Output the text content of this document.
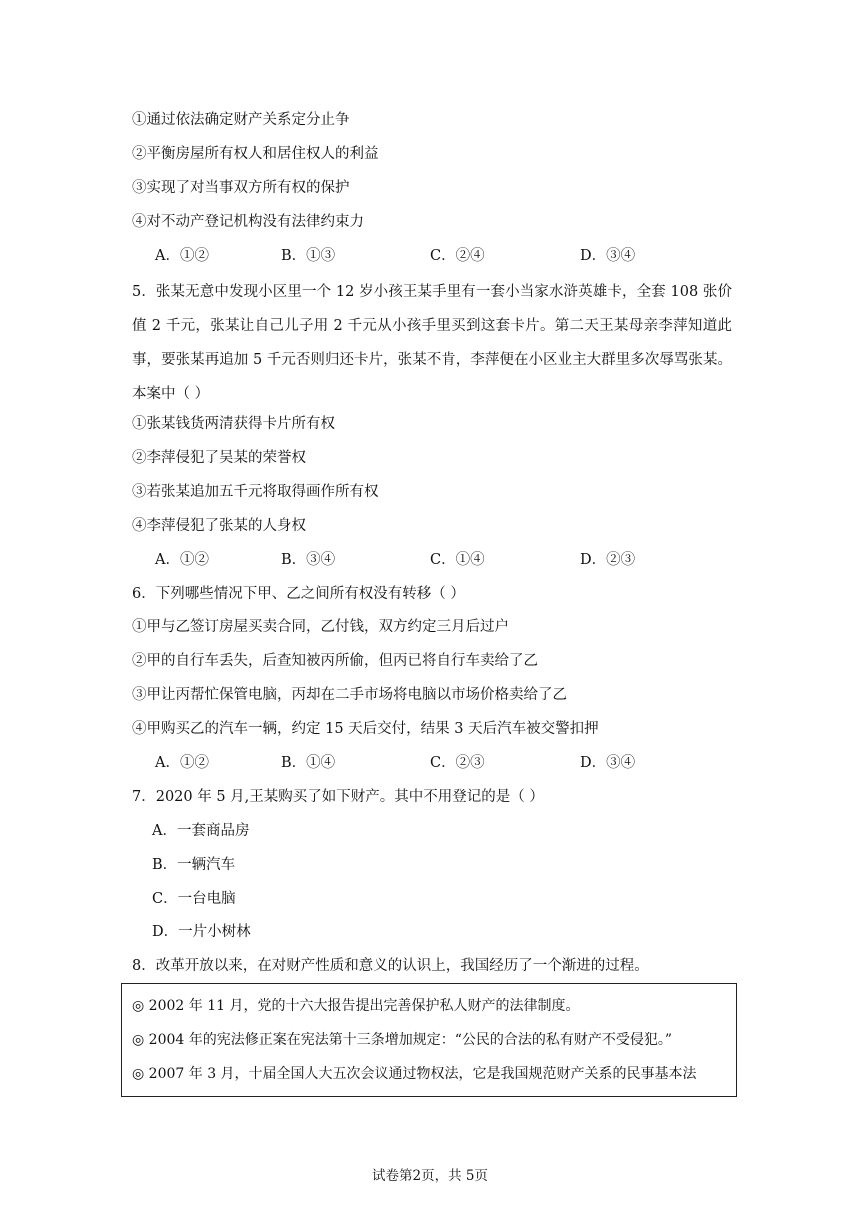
①通过依法确定财产关系定分止争
②平衡房屋所有权人和居住权人的利益
③实现了对当事双方所有权的保护
④对不动产登记机构没有法律约束力
A．①②	B．①③	C．②④	D．③④
5．张某无意中发现小区里一个 12 岁小孩王某手里有一套小当家水浒英雄卡，全套 108 张价值 2 千元，张某让自己儿子用 2 千元从小孩手里买到这套卡片。第二天王某母亲李萍知道此事，要张某再追加 5 千元否则归还卡片，张某不肯，李萍便在小区业主大群里多次辱骂张某。本案中（ ）
①张某钱货两清获得卡片所有权
②李萍侵犯了吴某的荣誉权
③若张某追加五千元将取得画作所有权
④李萍侵犯了张某的人身权
A．①②	B．③④	C．①④	D．②③
6．下列哪些情况下甲、乙之间所有权没有转移（ ）
①甲与乙签订房屋买卖合同，乙付钱，双方约定三月后过户
②甲的自行车丢失，后查知被丙所偷，但丙已将自行车卖给了乙
③甲让丙帮忙保管电脑，丙却在二手市场将电脑以市场价格卖给了乙
④甲购买乙的汽车一辆，约定 15 天后交付，结果 3 天后汽车被交警扣押
A．①②	B．①④	C．②③	D．③④
7．2020 年 5 月,王某购买了如下财产。其中不用登记的是（ ）
A．一套商品房
B．一辆汽车
C．一台电脑
D．一片小树林
8．改革开放以来，在对财产性质和意义的认识上，我国经历了一个渐进的过程。
◎ 2002 年 11 月，党的十六大报告提出完善保护私人财产的法律制度。
◎ 2004 年的宪法修正案在宪法第十三条增加规定：“公民的合法的私有财产不受侵犯。”
◎ 2007 年 3 月，十届全国人大五次会议通过物权法，它是我国规范财产关系的民事基本法
试卷第2页，共 5页
